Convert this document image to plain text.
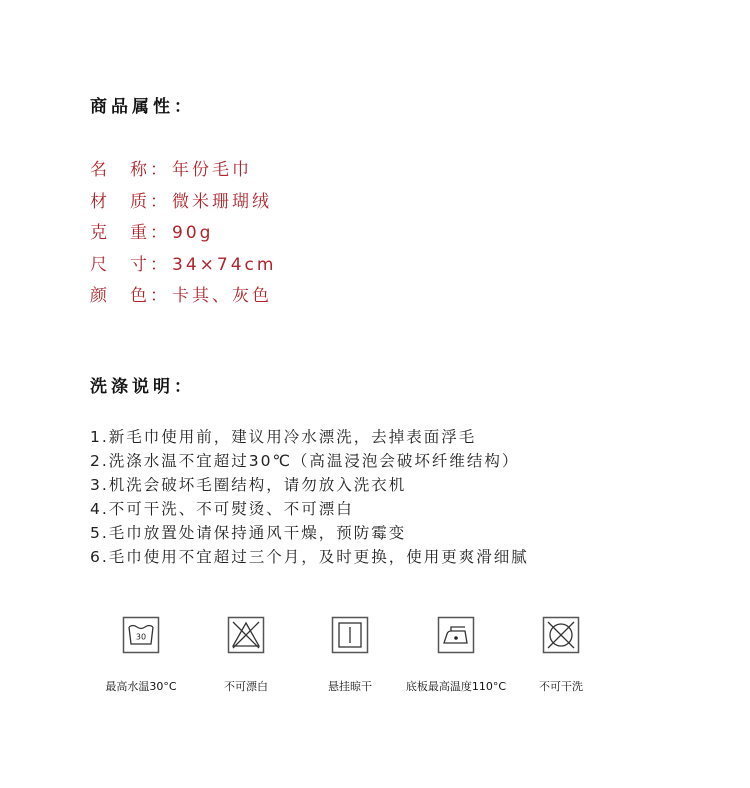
商品属性：
名　称： 年份毛巾
材　质： 微米珊瑚绒
克　重： 90g
尺　寸： 34×74cm
颜　色： 卡其、灰色
洗涤说明：
1.新毛巾使用前，建议用冷水漂洗，去掉表面浮毛
2.洗涤水温不宜超过30℃（高温浸泡会破坏纤维结构）
3.机洗会破坏毛圈结构，请勿放入洗衣机
4.不可干洗、不可熨烫、不可漂白
5.毛巾放置处请保持通风干燥，预防霉变
6.毛巾使用不宜超过三个月，及时更换，使用更爽滑细腻
30
最高水温30°C	不可漂白	悬挂晾干	底板最高温度110°C	不可干洗
